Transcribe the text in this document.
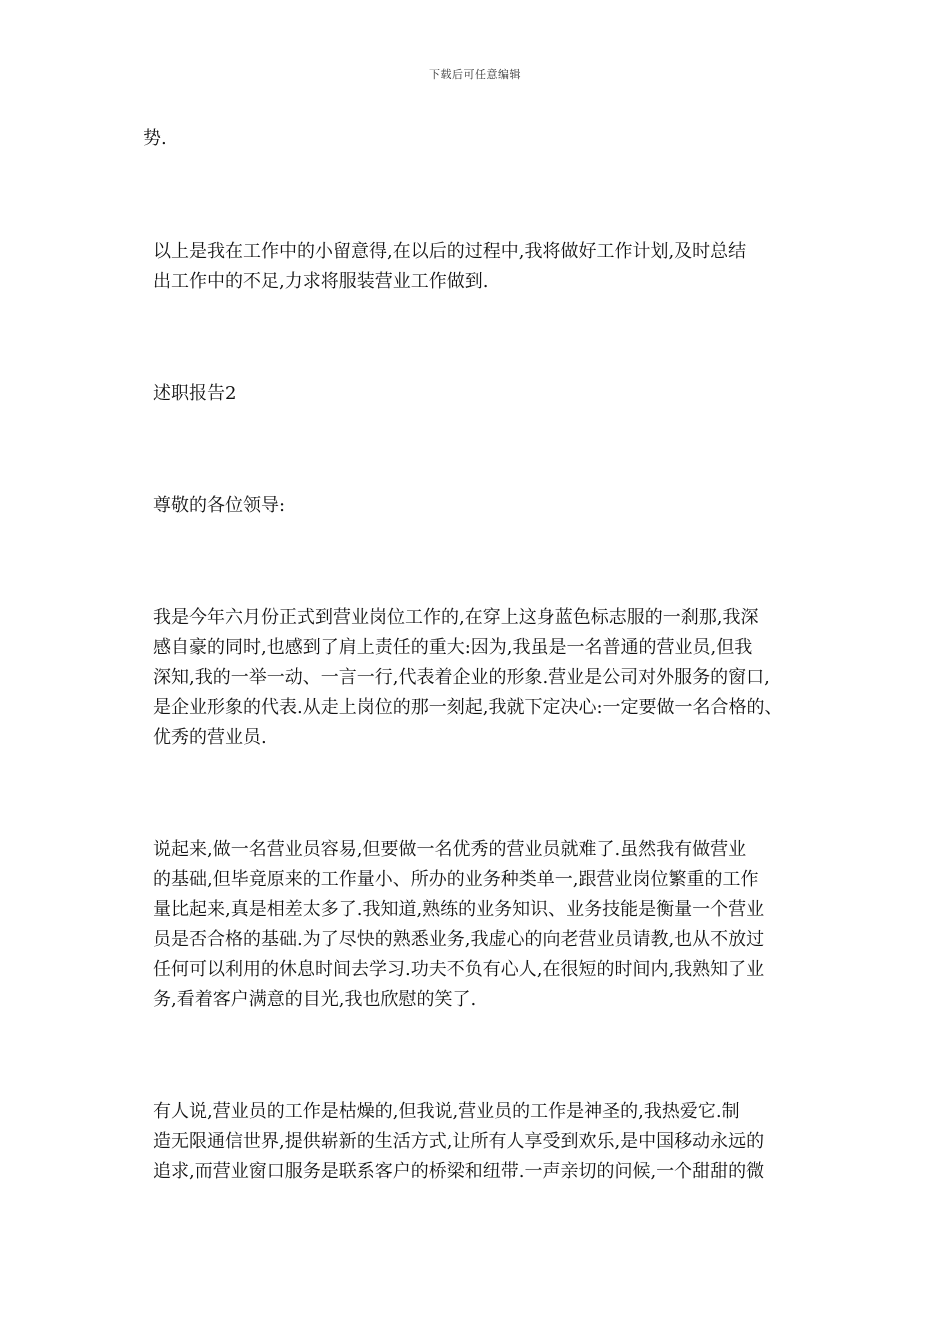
下载后可任意编辑

势.

以上是我在工作中的小留意得,在以后的过程中,我将做好工作计划,及时总结
出工作中的不足,力求将服装营业工作做到.

述职报告2

尊敬的各位领导:

我是今年六月份正式到营业岗位工作的,在穿上这身蓝色标志服的一刹那,我深
感自豪的同时,也感到了肩上责任的重大:因为,我虽是一名普通的营业员,但我
深知,我的一举一动、一言一行,代表着企业的形象.营业是公司对外服务的窗口,
是企业形象的代表.从走上岗位的那一刻起,我就下定决心:一定要做一名合格的、
优秀的营业员.

说起来,做一名营业员容易,但要做一名优秀的营业员就难了.虽然我有做营业
的基础,但毕竟原来的工作量小、所办的业务种类单一,跟营业岗位繁重的工作
量比起来,真是相差太多了.我知道,熟练的业务知识、业务技能是衡量一个营业
员是否合格的基础.为了尽快的熟悉业务,我虚心的向老营业员请教,也从不放过
任何可以利用的休息时间去学习.功夫不负有心人,在很短的时间内,我熟知了业
务,看着客户满意的目光,我也欣慰的笑了.

有人说,营业员的工作是枯燥的,但我说,营业员的工作是神圣的,我热爱它.制
造无限通信世界,提供崭新的生活方式,让所有人享受到欢乐,是中国移动永远的
追求,而营业窗口服务是联系客户的桥梁和纽带.一声亲切的问候,一个甜甜的微
